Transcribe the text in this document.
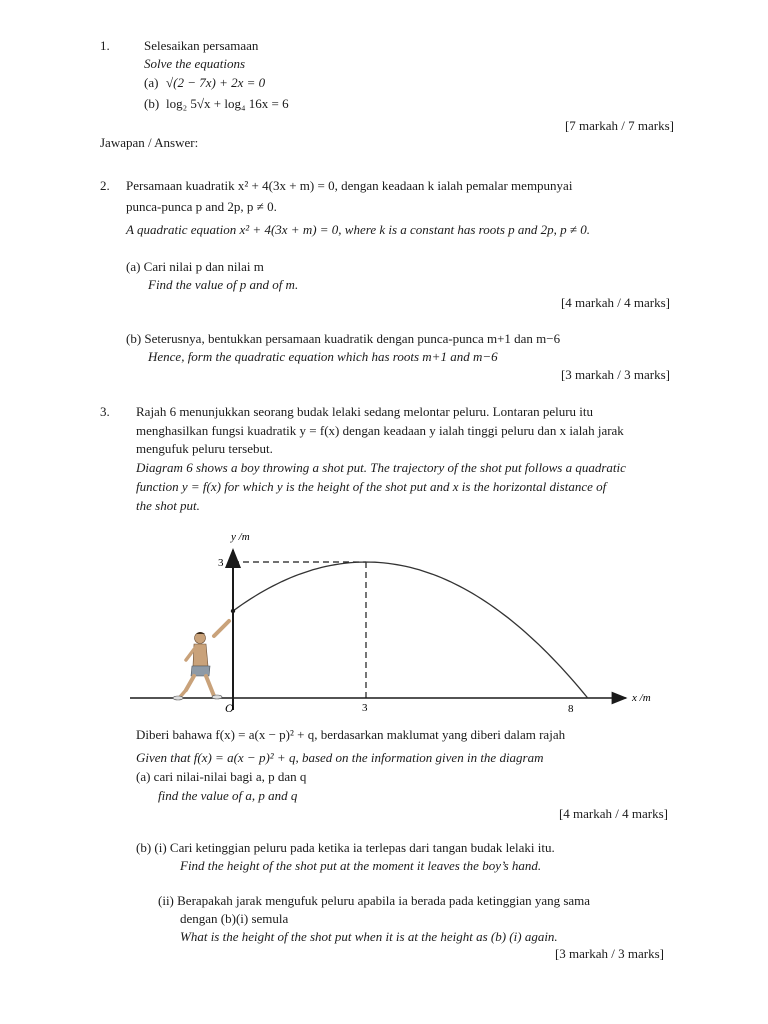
1.	Selesaikan persamaan
Solve the equations
(a) √(2 − 7x) + 2x = 0
(b) log₂ 5√x + log₄ 16x = 6
[7 markah / 7 marks]
Jawapan / Answer:
2. Persamaan kuadratik x² + 4(3x + m) = 0, dengan keadaan k ialah pemalar mempunyai
punca-punca p and 2p, p ≠ 0.
A quadratic equation x² + 4(3x + m) = 0, where k is a constant has roots p and 2p, p ≠ 0.
(a) Cari nilai p dan nilai m
Find the value of p and of m.
[4 markah / 4 marks]
(b) Seterusnya, bentukkan persamaan kuadratik dengan punca-punca m+1 dan m−6
Hence, form the quadratic equation which has roots m+1 and m−6
[3 markah / 3 marks]
3. Rajah 6 menunjukkan seorang budak lelaki sedang melontar peluru. Lontaran peluru itu
menghasilkan fungsi kuadratik y = f(x) dengan keadaan y ialah tinggi peluru dan x ialah jarak
mengufuk peluru tersebut.
Diagram 6 shows a boy throwing a shot put. The trajectory of the shot put follows a quadratic
function y = f(x) for which y is the height of the shot put and x is the horizontal distance of
the shot put.
y /m
3
O	3	8
x /m
Diberi bahawa f(x) = a(x − p)² + q, berdasarkan maklumat yang diberi dalam rajah
Given that f(x) = a(x − p)² + q, based on the information given in the diagram
(a) cari nilai-nilai bagi a, p dan q
find the value of a, p and q
[4 markah / 4 marks]
(b) (i) Cari ketinggian peluru pada ketika ia terlepas dari tangan budak lelaki itu.
Find the height of the shot put at the moment it leaves the boy’s hand.
(ii) Berapakah jarak mengufuk peluru apabila ia berada pada ketinggian yang sama
dengan (b)(i) semula
What is the height of the shot put when it is at the height as (b) (i) again.
[3 markah / 3 marks]
